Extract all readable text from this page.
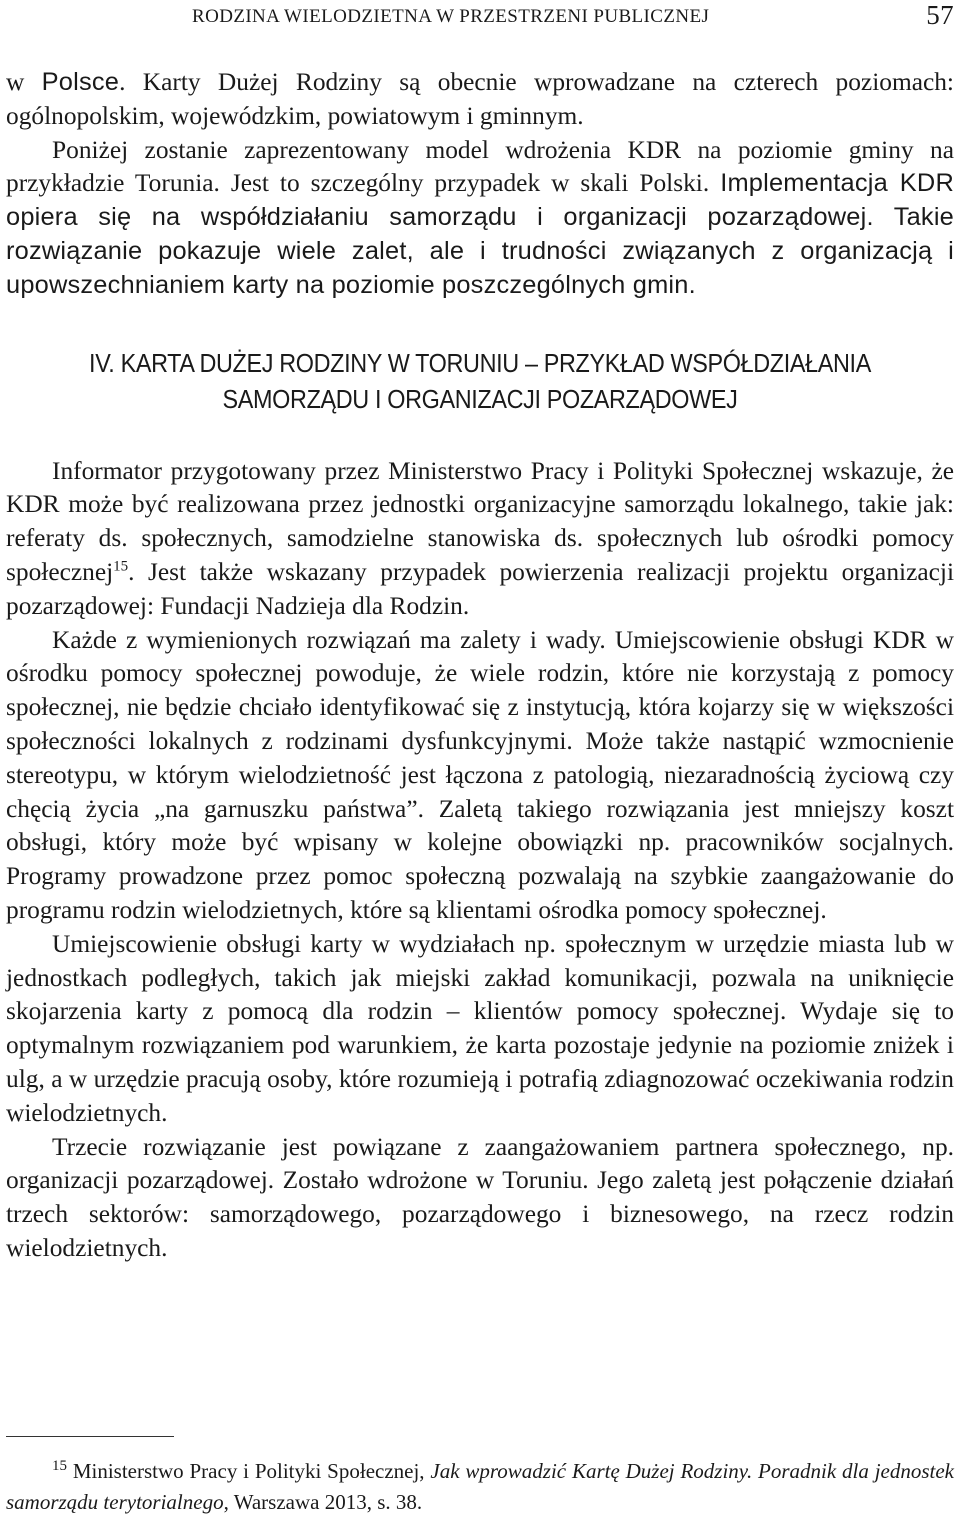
RODZINA WIELODZIETNA W PRZESTRZENI PUBLICZNEJ	57

w Polsce. Karty Dużej Rodziny są obecnie wprowadzane na czterech poziomach: ogólnopolskim, wojewódzkim, powiatowym i gminnym.

Poniżej zostanie zaprezentowany model wdrożenia KDR na poziomie gminy na przykładzie Torunia. Jest to szczególny przypadek w skali Polski. Implementacja KDR opiera się na współdziałaniu samorządu i organizacji pozarządowej. Takie rozwiązanie pokazuje wiele zalet, ale i trudności związanych z organizacją i upowszechnianiem karty na poziomie poszczególnych gmin.

IV. KARTA DUŻEJ RODZINY W TORUNIU – PRZYKŁAD WSPÓŁDZIAŁANIA
SAMORZĄDU I ORGANIZACJI POZARZĄDOWEJ

Informator przygotowany przez Ministerstwo Pracy i Polityki Społecznej wskazuje, że KDR może być realizowana przez jednostki organizacyjne samorządu lokalnego, takie jak: referaty ds. społecznych, samodzielne stanowiska ds. społecznych lub ośrodki pomocy społecznej$^{15}$. Jest także wskazany przypadek powierzenia realizacji projektu organizacji pozarządowej: Fundacji Nadzieja dla Rodzin.

Każde z wymienionych rozwiązań ma zalety i wady. Umiejscowienie obsługi KDR w ośrodku pomocy społecznej powoduje, że wiele rodzin, które nie korzystają z pomocy społecznej, nie będzie chciało identyfikować się z instytucją, która kojarzy się w większości społeczności lokalnych z rodzinami dysfunkcyjnymi. Może także nastąpić wzmocnienie stereotypu, w którym wielodzietność jest łączona z patologią, niezaradnością życiową czy chęcią życia „na garnuszku państwa”. Zaletą takiego rozwiązania jest mniejszy koszt obsługi, który może być wpisany w kolejne obowiązki np. pracowników socjalnych. Programy prowadzone przez pomoc społeczną pozwalają na szybkie zaangażowanie do programu rodzin wielodzietnych, które są klientami ośrodka pomocy społecznej.

Umiejscowienie obsługi karty w wydziałach np. społecznym w urzędzie miasta lub w jednostkach podległych, takich jak miejski zakład komunikacji, pozwala na uniknięcie skojarzenia karty z pomocą dla rodzin – klientów pomocy społecznej. Wydaje się to optymalnym rozwiązaniem pod warunkiem, że karta pozostaje jedynie na poziomie zniżek i ulg, a w urzędzie pracują osoby, które rozumieją i potrafią zdiagnozować oczekiwania rodzin wielodzietnych.

Trzecie rozwiązanie jest powiązane z zaangażowaniem partnera społecznego, np. organizacji pozarządowej. Zostało wdrożone w Toruniu. Jego zaletą jest połączenie działań trzech sektorów: samorządowego, pozarządowego i biznesowego, na rzecz rodzin wielodzietnych.

$^{15}$ Ministerstwo Pracy i Polityki Społecznej, Jak wprowadzić Kartę Dużej Rodziny. Poradnik dla jednostek samorządu terytorialnego, Warszawa 2013, s. 38.
